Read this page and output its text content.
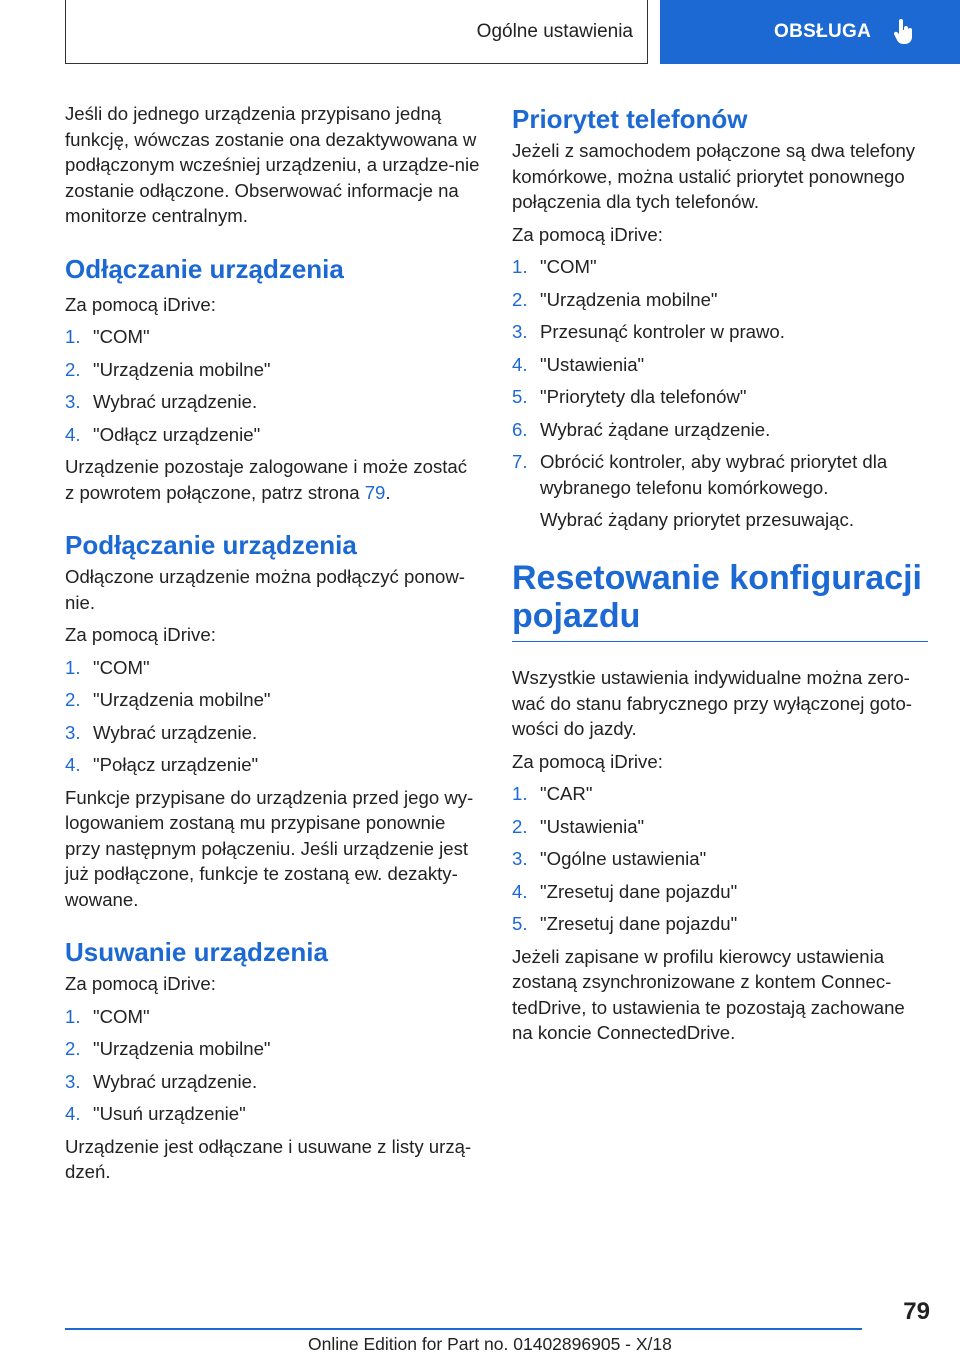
Ogólne ustawienia	OBSŁUGA

Jeśli do jednego urządzenia przypisano jedną funkcję, wówczas zostanie ona dezaktywowana w podłączonym wcześniej urządzeniu, a urządze‐nie zostanie odłączone. Obserwować informacje na monitorze centralnym.

Odłączanie urządzenia

Za pomocą iDrive:

1. "COM"
2. "Urządzenia mobilne"
3. Wybrać urządzenie.
4. "Odłącz urządzenie"

Urządzenie pozostaje zalogowane i może zostać z powrotem połączone, patrz strona 79.

Podłączanie urządzenia

Odłączone urządzenie można podłączyć ponow‐nie.

Za pomocą iDrive:

1. "COM"
2. "Urządzenia mobilne"
3. Wybrać urządzenie.
4. "Połącz urządzenie"

Funkcje przypisane do urządzenia przed jego wy‐logowaniem zostaną mu przypisane ponownie przy następnym połączeniu. Jeśli urządzenie jest już podłączone, funkcje te zostaną ew. dezakty‐wowane.

Usuwanie urządzenia

Za pomocą iDrive:

1. "COM"
2. "Urządzenia mobilne"
3. Wybrać urządzenie.
4. "Usuń urządzenie"

Urządzenie jest odłączane i usuwane z listy urzą‐dzeń.

Priorytet telefonów

Jeżeli z samochodem połączone są dwa telefony komórkowe, można ustalić priorytet ponownego połączenia dla tych telefonów.

Za pomocą iDrive:

1. "COM"
2. "Urządzenia mobilne"
3. Przesunąć kontroler w prawo.
4. "Ustawienia"
5. "Priorytety dla telefonów"
6. Wybrać żądane urządzenie.
7. Obrócić kontroler, aby wybrać priorytet dla wybranego telefonu komórkowego.
Wybrać żądany priorytet przesuwając.
Resetowanie konfiguracji pojazdu

Wszystkie ustawienia indywidualne można zero‐wać do stanu fabrycznego przy wyłączonej goto‐wości do jazdy.

Za pomocą iDrive:

1. "CAR"
2. "Ustawienia"
3. "Ogólne ustawienia"
4. "Zresetuj dane pojazdu"
5. "Zresetuj dane pojazdu"

Jeżeli zapisane w profilu kierowcy ustawienia zostaną zsynchronizowane z kontem Connec‐tedDrive, to ustawienia te pozostają zachowane na koncie ConnectedDrive.

79
Online Edition for Part no. 01402896905 - X/18
